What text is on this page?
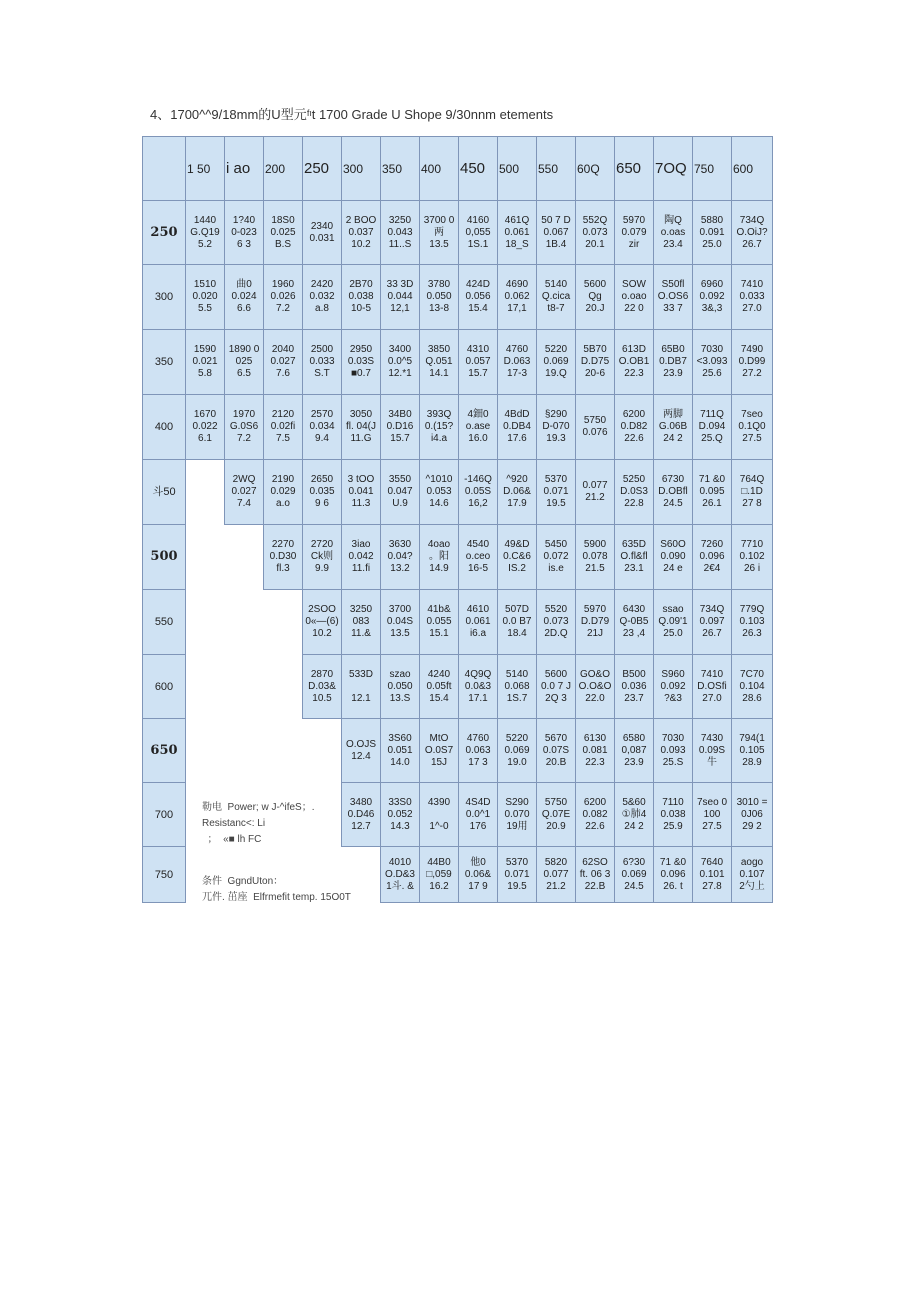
4、1700^^9/18mm的U型元ᶠᶦt 1700 Grade U Shope 9/30nnm etements
	1 50	i ao	200	250	300	350	400	450	500	550	60Q	650	7OQ	750	600
250	1440
G.Q19
5.2	1?40
0-023
6 3	18S0
0.025
B.S	2340
0.031	2 BOO
0.037
10.2	3250
0.043
11..S	3700 0
两
13.5	4160
0,055
1S.1	461Q
0.061
18_S	50 7 D
0.067
1B.4	552Q
0.073
20.1	5970
0.079
zir	陶Q
o.oas
23.4	5880
0.091
25.0	734Q
O.OiJ?
26.7
300	1510
0.020
5.5	曲0
0.024
6.6	1960
0.026
7.2	2420
0.032
a.8	2B70
0.038
10-5	33 3D
0.044
12,1	3780
0.050
13-8	424D
0.056
15.4	4690
0.062
17,1	5140
Q.cica
t8-7	5600
Qg
20.J	SOW
o.oao
22 0	S50fl
O.OS6
33 7	6960
0.092
3&,3	7410
0.033
27.0
350	1590
0.021
5.8	1890 0
025
6.5	2040
0.027
7.6	2500
0.033
S.T	2950
0.03S
■0.7	3400
0.0^5
12.*1	3850
Q.051
14.1	4310
0.057
15.7	4760
D.063
17-3	5220
0.069
19.Q	5B70
D.D75
20-6	613D
O.OB1
22.3	65B0
0.DB7
23.9	7030
<3.093
25.6	7490
0.D99
27.2
400	1670
0.022
6.1	1970
G.0S6
7.2	2120
0.02fi
7.5	2570
0.034
9.4	3050
fl. 04(J
11.G	34B0
0.D16
15.7	393Q
0.(15?
i4.a	4鈿0
o.ase
16.0	4BdD
0.DB4
17.6	§290
D-070
19.3	5750
0.076	6200
0.D82
22.6	两脚
G.06B
24 2	711Q
D.094
25.Q	7seo
0.1Q0
27.5
斗50		2WQ
0.027
7.4	2190
0.029
a.o	2650
0.035
9 6	3 tOO
0.041
11.3	3550
0.047
U.9	^1010
0.053
14.6	-146Q
0.05S
16,2	^920
D.06&
17.9	5370
0.071
19.5	0.077
21.2	5250
D.0S3
22.8	6730
D.OBfl
24.5	71 &0
0.095
26.1	764Q
□.1D
27 8
500			2270
0.D30
fl.3	2720
Ck则
9.9	3iao
0.042
11.fi	3630
0.04?
13.2	4oao
。阳
14.9	4540
o.ceo
16-5	49&D
0.C&6
IS.2	5450
0.072
is.e	5900
0.078
21.5	635D
O.fl&fl
23.1	S60O
0.090
24 e	7260
0.096
2€4	7710
0.102
26 i
550				2SOO
0«—(6)
10.2	3250
083
11.&	3700
0.04S
13.5	41b&
0.055
15.1	4610
0.061
i6.a	507D
0.0 B7
18.4	5520
0.073
2D.Q	5970
D.D79
21J	6430
Q-0B5
23 ,4	ssao
Q.09'1
25.0	734Q
0.097
26.7	779Q
0.103
26.3
600				2870
D.03&
10.5	533D

12.1	szao
0.050
13.S	4240
0.05ft
15.4	4Q9Q
0.0&3
17.1	5140
0.068
1S.7	5600
0.0 7 J
2Q 3	GO&O
O.O&O
22.0	B500
0.036
23.7	S960
0.092
?&3	7410
D.OSfi
27.0	7C70
0.104
28.6
650					O.OJS
12.4	3S60
0.051
14.0	MtO
O.0S7
15J	4760
0.063
17 3	5220
0.069
19.0	5670
0.07S
20.B	6130
0.081
22.3	6580
0,087
23.9	7030
0.093
25.S	7430
0.09S
牛	794(1
0.105
28.9
700					3480
0.D46
12.7	33S0
0.052
14.3	4390

1^-0	4S4D
0.0^1
176	S290
0.070
19用	5750
Q.07E
20.9	6200
0.082
22.6	5&60
①肺4
24 2	7110
0.038
25.9	7seo 0
100
27.5	3010 =
0J06
29 2
750						4010
O.D&3
1斗. &	44B0
□,059
16.2	他0
0.06&
17 9	5370
0.071
19.5	5820
0.077
21.2	62SO
ft. 06 3
22.B	6?30
0.069
24.5	71 &0
0.096
26. t	7640
0.101
27.8	aogo
0.107
2勺上
勒电  Power; w J-^ifeS；.
Resistanc<: Li
；  «■ lh FC
条件  GgndUton：
兀件. 茁座  Elfrmefit temp. 15O0T
